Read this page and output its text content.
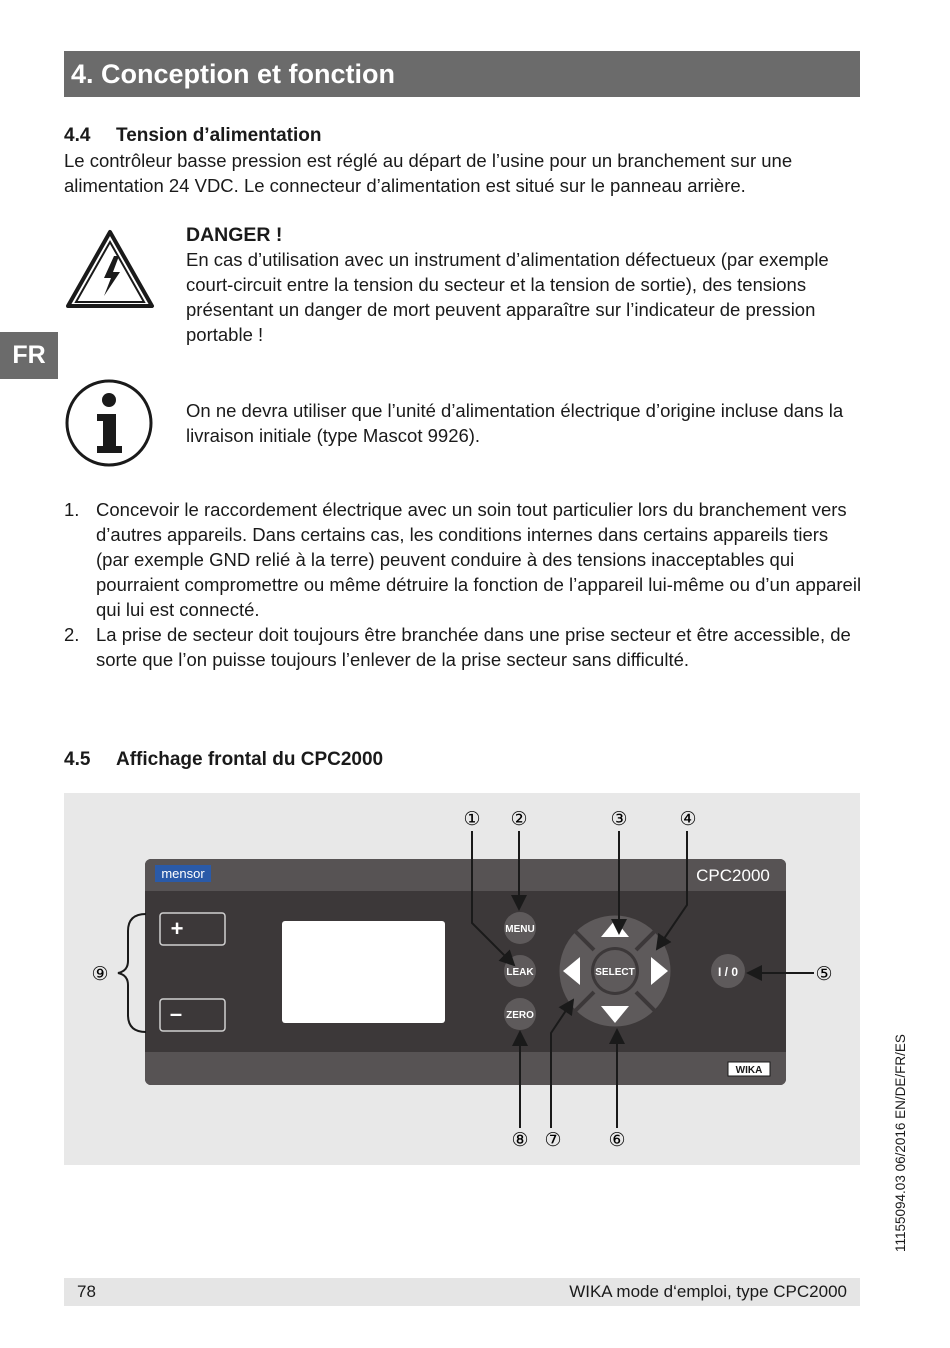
4. Conception et fonction
FR
4.4 Tension d’alimentation
Le contrôleur basse pression est réglé au départ de l’usine pour un branchement sur une alimentation 24 VDC. Le connecteur d’alimentation est situé sur le panneau arrière.
DANGER !
En cas d’utilisation avec un instrument d’alimentation défectueux (par exemple court-circuit entre la tension du secteur et la tension de sortie), des tensions présentant un danger de mort peuvent apparaître sur l’indicateur de pression portable !
On ne devra utiliser que l’unité d’alimentation électrique d’origine incluse dans la livraison initiale (type Mascot 9926).
1. Concevoir le raccordement électrique avec un soin tout particulier lors du branchement vers d’autres appareils. Dans certains cas, les conditions internes dans certains appareils tiers (par exemple GND relié à la terre) peuvent conduire à des tensions inacceptables qui pourraient compromettre ou même détruire la fonction de l’appareil lui-même ou d’un appareil qui lui est connecté.
2. La prise de secteur doit toujours être branchée dans une prise secteur et être accessible, de sorte que l’on puisse toujours l’enlever de la prise secteur sans difficulté.
4.5 Affichage frontal du CPC2000
mensor	CPC2000
WIKA
+
–
MENU
LEAK
ZERO
SELECT	I / 0
① ②	③	④
⑤
⑥
⑦
⑧
⑨
11155094.03 06/2016 EN/DE/FR/ES
78	WIKA mode d‘emploi, type CPC2000
